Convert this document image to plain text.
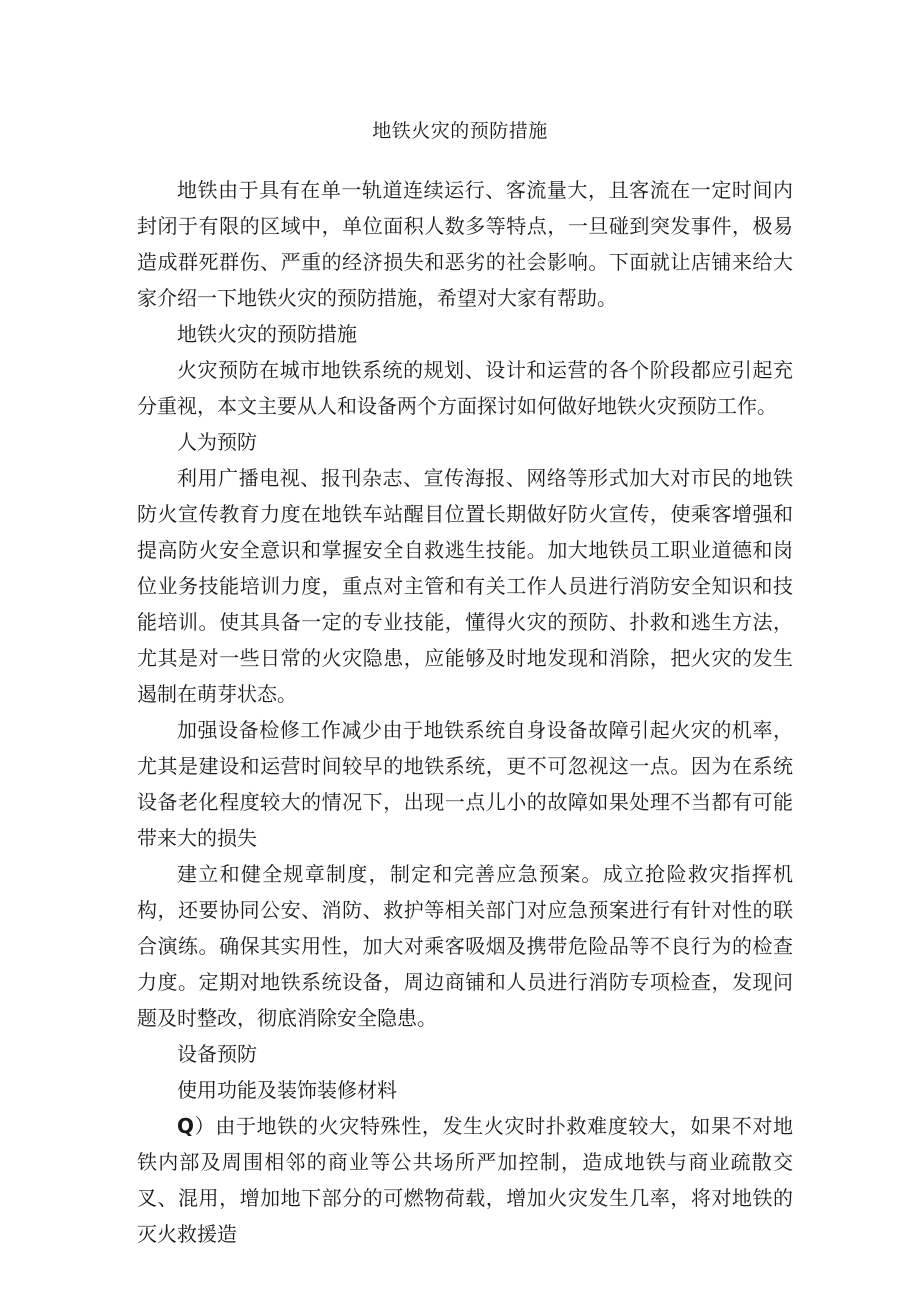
地铁火灾的预防措施

地铁由于具有在单一轨道连续运行、客流量大，且客流在一定时间内封闭于有限的区域中，单位面积人数多等特点，一旦碰到突发事件，极易造成群死群伤、严重的经济损失和恶劣的社会影响。下面就让店铺来给大家介绍一下地铁火灾的预防措施，希望对大家有帮助。

地铁火灾的预防措施

火灾预防在城市地铁系统的规划、设计和运营的各个阶段都应引起充分重视，本文主要从人和设备两个方面探讨如何做好地铁火灾预防工作。

人为预防

利用广播电视、报刊杂志、宣传海报、网络等形式加大对市民的地铁防火宣传教育力度在地铁车站醒目位置长期做好防火宣传，使乘客增强和提高防火安全意识和掌握安全自救逃生技能。加大地铁员工职业道德和岗位业务技能培训力度，重点对主管和有关工作人员进行消防安全知识和技能培训。使其具备一定的专业技能，懂得火灾的预防、扑救和逃生方法，尤其是对一些日常的火灾隐患，应能够及时地发现和消除，把火灾的发生遏制在萌芽状态。

加强设备检修工作减少由于地铁系统自身设备故障引起火灾的机率，尤其是建设和运营时间较早的地铁系统，更不可忽视这一点。因为在系统设备老化程度较大的情况下，出现一点儿小的故障如果处理不当都有可能带来大的损失

建立和健全规章制度，制定和完善应急预案。成立抢险救灾指挥机构，还要协同公安、消防、救护等相关部门对应急预案进行有针对性的联合演练。确保其实用性，加大对乘客吸烟及携带危险品等不良行为的检查力度。定期对地铁系统设备，周边商铺和人员进行消防专项检查，发现问题及时整改，彻底消除安全隐患。

设备预防

使用功能及装饰装修材料

Q）由于地铁的火灾特殊性，发生火灾时扑救难度较大，如果不对地铁内部及周围相邻的商业等公共场所严加控制，造成地铁与商业疏散交叉、混用，增加地下部分的可燃物荷载，增加火灾发生几率，将对地铁的灭火救援造
